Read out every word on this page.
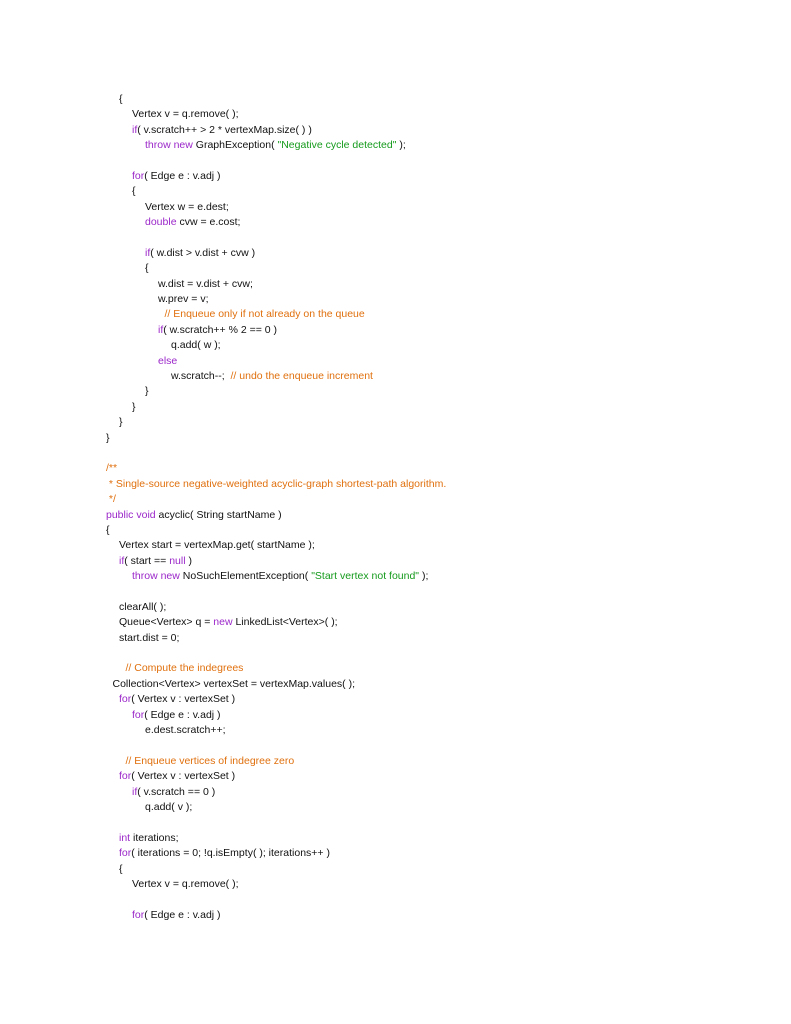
{
Vertex v = q.remove( );
if( v.scratch++ > 2 * vertexMap.size( ) )
throw new GraphException( "Negative cycle detected" );
for( Edge e : v.adj )
{
Vertex w = e.dest;
double cvw = e.cost;
if( w.dist > v.dist + cvw )
{
w.dist = v.dist + cvw;
w.prev = v;
// Enqueue only if not already on the queue
if( w.scratch++ % 2 == 0 )
q.add( w );
else
w.scratch--;  // undo the enqueue increment
}
}
}
}
/**
* Single-source negative-weighted acyclic-graph shortest-path algorithm.
*/
public void acyclic( String startName )
{
Vertex start = vertexMap.get( startName );
if( start == null )
throw new NoSuchElementException( "Start vertex not found" );
clearAll( );
Queue<Vertex> q = new LinkedList<Vertex>( );
start.dist = 0;
// Compute the indegrees
Collection<Vertex> vertexSet = vertexMap.values( );
for( Vertex v : vertexSet )
for( Edge e : v.adj )
e.dest.scratch++;
// Enqueue vertices of indegree zero
for( Vertex v : vertexSet )
if( v.scratch == 0 )
q.add( v );
int iterations;
for( iterations = 0; !q.isEmpty( ); iterations++ )
{
Vertex v = q.remove( );
for( Edge e : v.adj )
